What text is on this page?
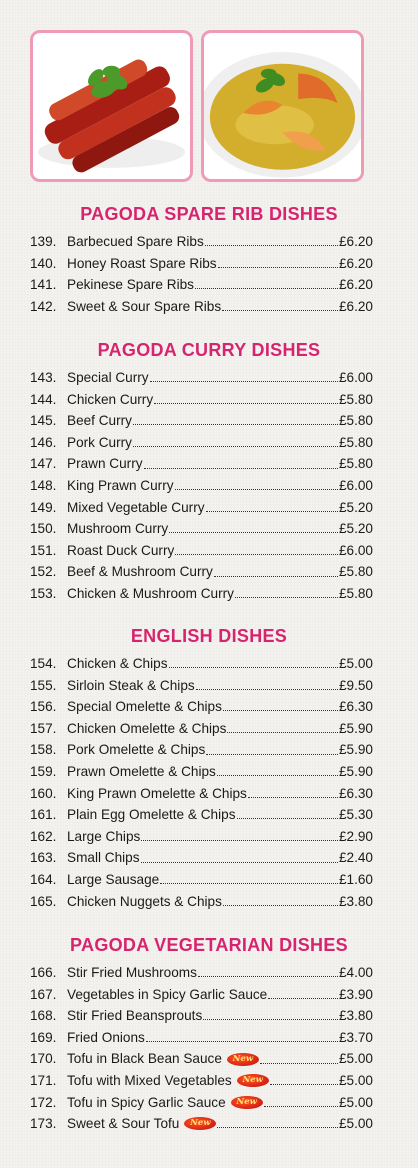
PAGODA SPARE RIB DISHES
139. Barbecued Spare Ribs	£6.20
140. Honey Roast Spare Ribs	£6.20
141. Pekinese Spare Ribs	£6.20
142. Sweet & Sour Spare Ribs	£6.20
PAGODA CURRY DISHES
143. Special Curry	£6.00
144. Chicken Curry	£5.80
145. Beef Curry	£5.80
146. Pork Curry	£5.80
147. Prawn Curry	£5.80
148. King Prawn Curry	£6.00
149. Mixed Vegetable Curry	£5.20
150. Mushroom Curry	£5.20
151. Roast Duck Curry	£6.00
152. Beef & Mushroom Curry	£5.80
153. Chicken & Mushroom Curry	£5.80
ENGLISH DISHES
154. Chicken & Chips	£5.00
155. Sirloin Steak & Chips	£9.50
156. Special Omelette & Chips	£6.30
157. Chicken Omelette & Chips	£5.90
158. Pork Omelette & Chips	£5.90
159. Prawn Omelette & Chips	£5.90
160. King Prawn Omelette & Chips	£6.30
161. Plain Egg Omelette & Chips	£5.30
162. Large Chips	£2.90
163. Small Chips	£2.40
164. Large Sausage	£1.60
165. Chicken Nuggets & Chips	£3.80
PAGODA VEGETARIAN DISHES
166. Stir Fried Mushrooms	£4.00
167. Vegetables in Spicy Garlic Sauce	£3.90
168. Stir Fried Beansprouts	£3.80
169. Fried Onions	£3.70
170. Tofu in Black Bean Sauce	New	£5.00
171. Tofu with Mixed Vegetables	New	£5.00
172. Tofu in Spicy Garlic Sauce	New	£5.00
173. Sweet & Sour Tofu	New	£5.00
